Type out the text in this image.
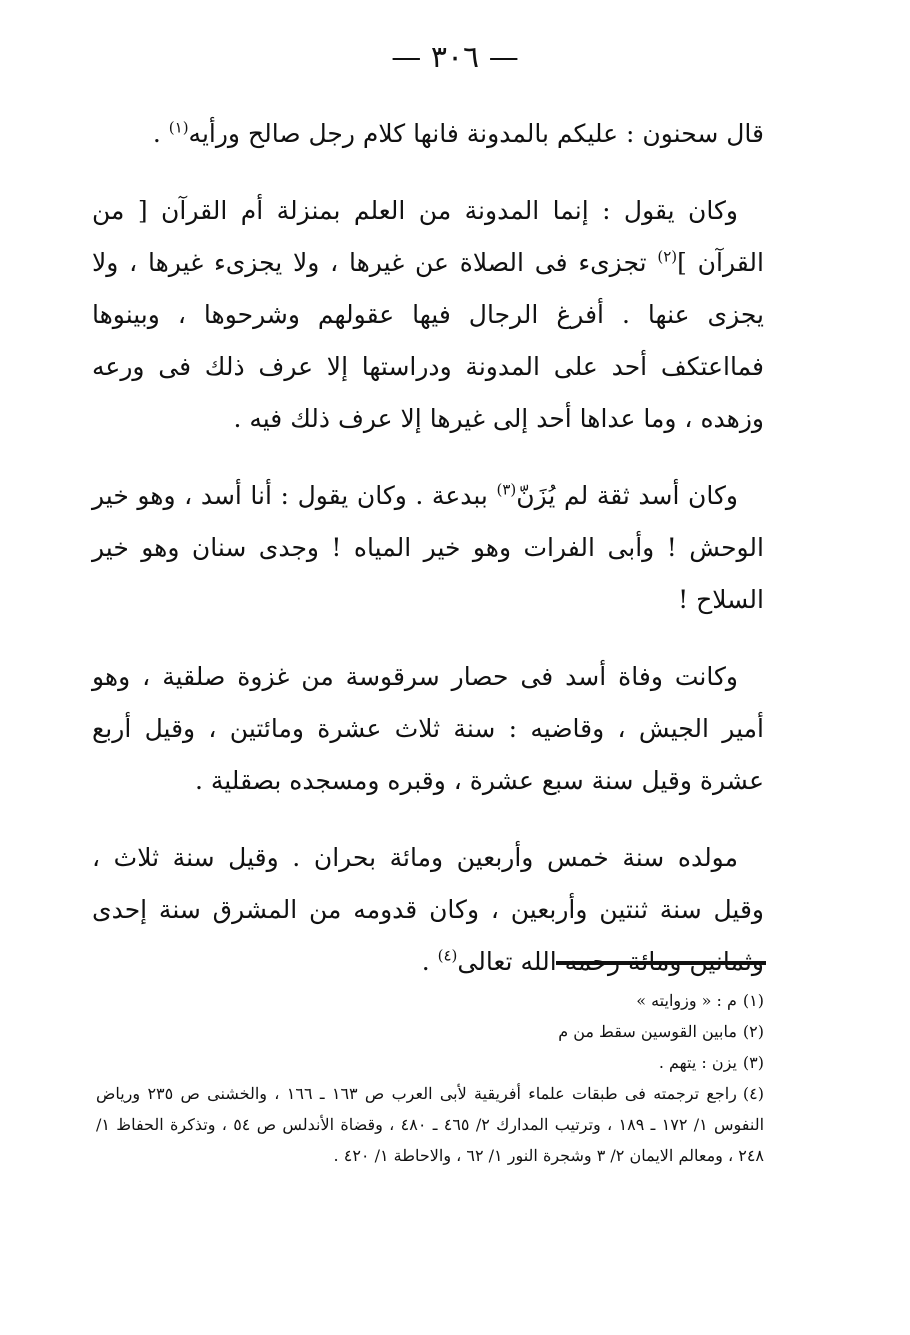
— ٣٠٦ —

قال سحنون : عليكم بالمدونة فانها كلام رجل صالح ورأيه$^{(١)}$ .

وكان يقول : إنما المدونة من العلم بمنزلة أم القرآن [ من القرآن ]$^{(٢)}$ تجزىء فى الصلاة عن غيرها ، ولا يجزىء غيرها ، ولا يجزى عنها . أفرغ الرجال فيها عقولهم وشرحوها ، وبينوها فمااعتكف أحد على المدونة ودراستها إلا عرف ذلك فى ورعه وزهده ، وما عداها أحد إلى غيرها إلا عرف ذلك فيه .

وكان أسد ثقة لم يُزَنّ$^{(٣)}$ ببدعة . وكان يقول : أنا أسد ، وهو خير الوحش ! وأبى الفرات وهو خير المياه ! وجدى سنان وهو خير السلاح !

وكانت وفاة أسد فى حصار سرقوسة من غزوة صلقية ، وهو أمير الجيش ، وقاضيه : سنة ثلاث عشرة ومائتين ، وقيل أربع عشرة وقيل سنة سبع عشرة ، وقبره ومسجده بصقلية .

مولده سنة خمس وأربعين ومائة بحران . وقيل سنة ثلاث ، وقيل سنة ثنتين وأربعين ، وكان قدومه من المشرق سنة إحدى وثمانين ومائة رحمه الله تعالى$^{(٤)}$ .

(١)م : « وزوايته »

(٢)مابين القوسين سقط من م

(٣)يزن : يتهم .

(٤)راجع ترجمته فى طبقات علماء أفريقية لأبى العرب ص ١٦٣ ـ ١٦٦ ، والخشنى ص ٢٣٥ ورياض النفوس ١/ ١٧٢ ـ ١٨٩ ، وترتيب المدارك ٢/ ٤٦٥ ـ ٤٨٠ ، وقضاة الأندلس ص ٥٤ ، وتذكرة الحفاظ ١/ ٢٤٨ ، ومعالم الايمان ٢/ ٣ وشجرة النور ١/ ٦٢ ، والاحاطة ١/ ٤٢٠ .
